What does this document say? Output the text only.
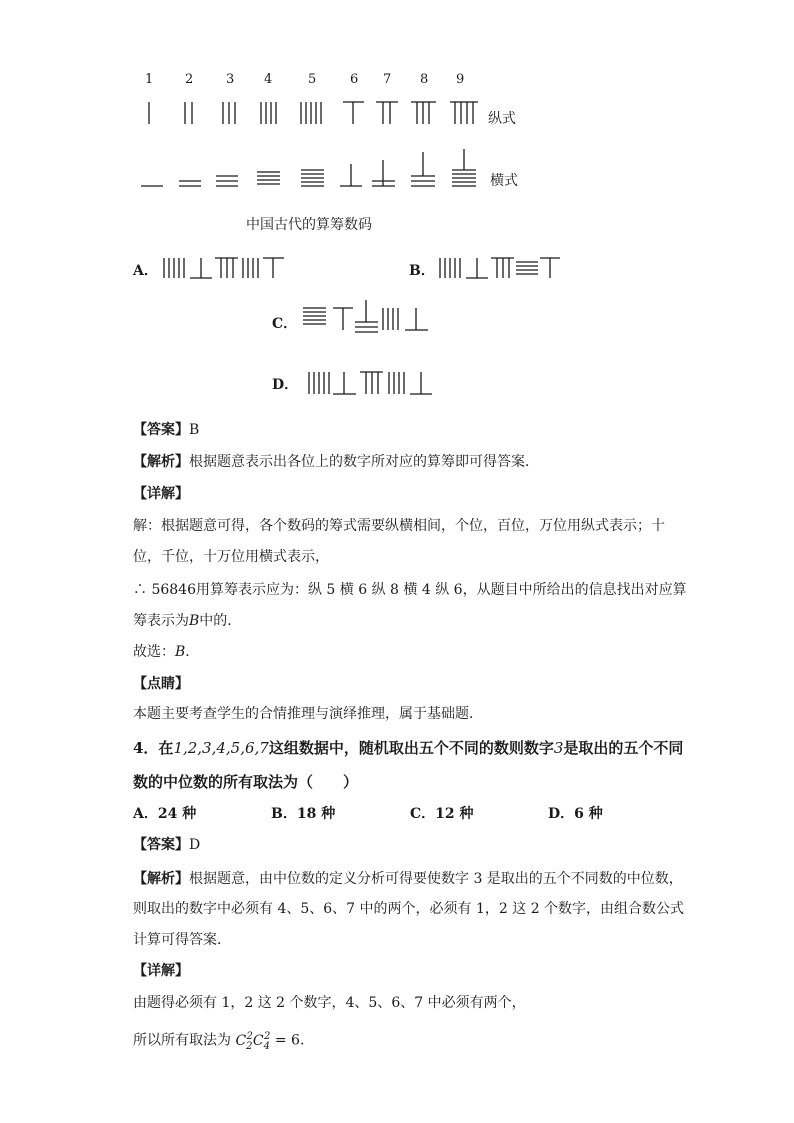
1 2	3 4	5	6 7 8 9
纵式
横式
中国古代的算筹数码
A．	B．
C．
D．
【答案】B
【解析】根据题意表示出各位上的数字所对应的算筹即可得答案．
【详解】
解：根据题意可得，各个数码的筹式需要纵横相间，个位，百位，万位用纵式表示；十
位，千位，十万位用横式表示，
∴ 56846用算筹表示应为：纵 5 横 6 纵 8 横 4 纵 6，从题目中所给出的信息找出对应算
筹表示为B中的．
故选：B．
【点睛】
本题主要考查学生的合情推理与演绎推理，属于基础题．
4．在1,2,3,4,5,6,7这组数据中，随机取出五个不同的数则数字3是取出的五个不同
数的中位数的所有取法为（　　）
A．24 种	B．18 种	C．12 种	D．6 种
【答案】D
【解析】根据题意，由中位数的定义分析可得要使数字 3 是取出的五个不同数的中位数，
则取出的数字中必须有 4、5、6、7 中的两个，必须有 1，2 这 2 个数字，由组合数公式
计算可得答案．
【详解】
由题得必须有 1，2 这 2 个数字，4、5、6、7 中必须有两个，
所以所有取法为 $C_2^2C_4^2 = 6$.
